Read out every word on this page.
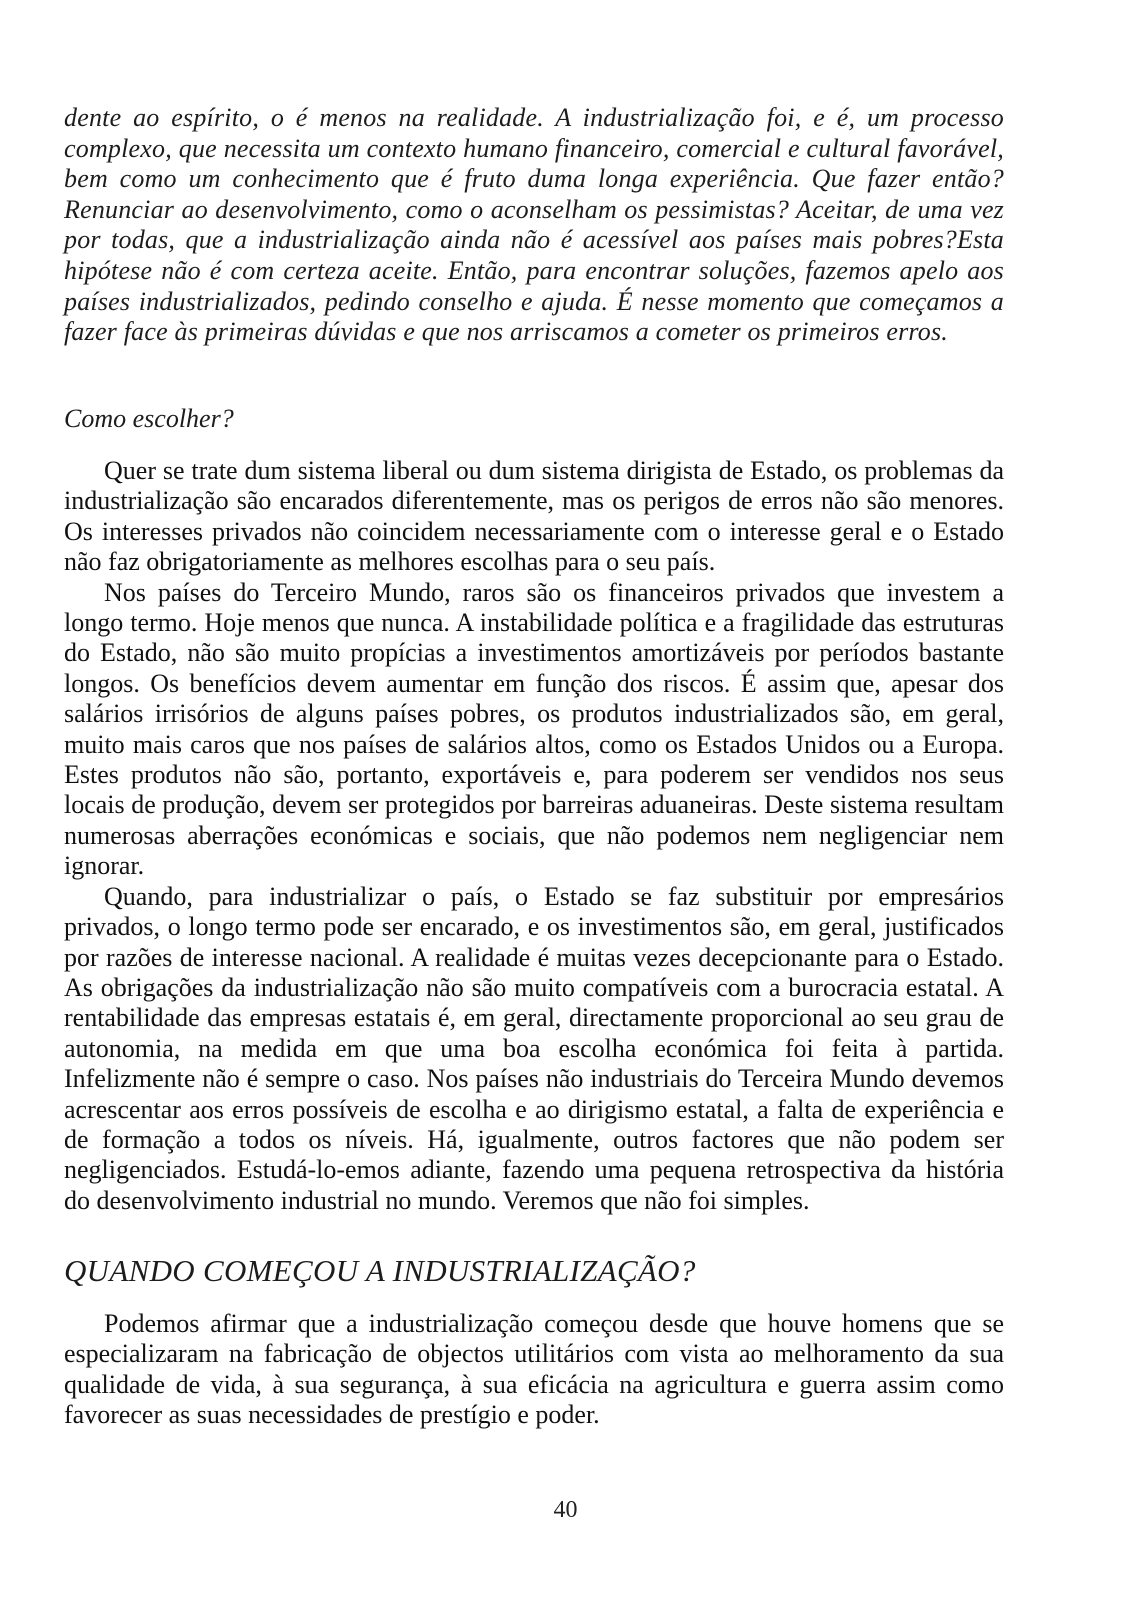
dente ao espírito, o é menos na realidade. A industrialização foi, e é, um processo complexo, que necessita um contexto humano financeiro, comercial e cultural favorável, bem como um conhecimento que é fruto duma longa experiência. Que fazer então? Renunciar ao desenvolvimento, como o aconselham os pessimistas? Aceitar, de uma vez por todas, que a industrialização ainda não é acessível aos países mais pobres?Esta hipótese não é com certeza aceite. Então, para encontrar soluções, fazemos apelo aos países industrializados, pedindo conselho e ajuda. É nesse momento que começamos a fazer face às primeiras dúvidas e que nos arriscamos a cometer os primeiros erros.
Como escolher?

Quer se trate dum sistema liberal ou dum sistema dirigista de Estado, os problemas da industrialização são encarados diferentemente, mas os perigos de erros não são menores. Os interesses privados não coincidem necessariamente com o interesse geral e o Estado não faz obrigatoriamente as melhores escolhas para o seu país.

Nos países do Terceiro Mundo, raros são os financeiros privados que investem a longo termo. Hoje menos que nunca. A instabilidade política e a fragilidade das estruturas do Estado, não são muito propícias a investimentos amortizáveis por períodos bastante longos. Os benefícios devem aumentar em função dos riscos. É assim que, apesar dos salários irrisórios de alguns países pobres, os produtos industrializados são, em geral, muito mais caros que nos países de salários altos, como os Estados Unidos ou a Europa. Estes produtos não são, portanto, exportáveis e, para poderem ser vendidos nos seus locais de produção, devem ser protegidos por barreiras aduaneiras. Deste sistema resultam numerosas aberrações económicas e sociais, que não podemos nem negligenciar nem ignorar.

Quando, para industrializar o país, o Estado se faz substituir por empresários privados, o longo termo pode ser encarado, e os investimentos são, em geral, justificados por razões de interesse nacional. A realidade é muitas vezes decepcionante para o Estado. As obrigações da industrialização não são muito compatíveis com a burocracia estatal. A rentabilidade das empresas estatais é, em geral, directamente proporcional ao seu grau de autonomia, na medida em que uma boa escolha económica foi feita à partida. Infelizmente não é sempre o caso. Nos países não industriais do Terceira Mundo devemos acrescentar aos erros possíveis de escolha e ao dirigismo estatal, a falta de experiência e de formação a todos os níveis. Há, igualmente, outros factores que não podem ser negligenciados. Estudá-lo-emos adiante, fazendo uma pequena retrospectiva da história do desenvolvimento industrial no mundo. Veremos que não foi simples.

QUANDO COMEÇOU A INDUSTRIALIZAÇÃO?

Podemos afirmar que a industrialização começou desde que houve homens que se especializaram na fabricação de objectos utilitários com vista ao melhoramento da sua qualidade de vida, à sua segurança, à sua eficácia na agricultura e guerra assim como favorecer as suas necessidades de prestígio e poder.

40
